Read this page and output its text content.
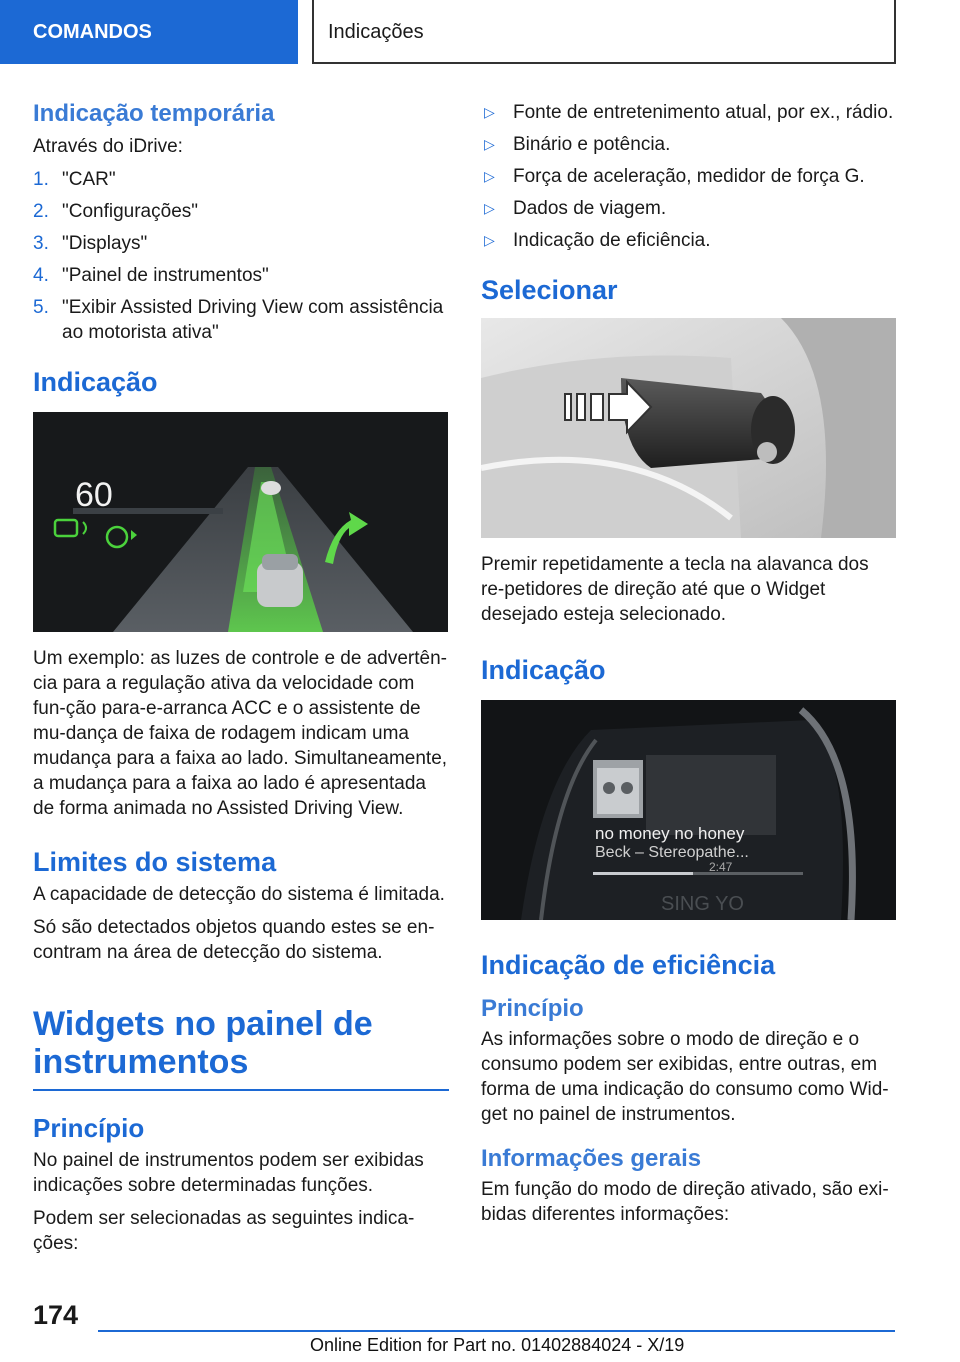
COMANDOS	Indicações
Indicação temporária

Através do iDrive:

1. "CAR"
2. "Configurações"
3. "Displays"
4. "Painel de instrumentos"
5. "Exibir Assisted Driving View com assistência ao motorista ativa"
Indicação
60

Um exemplo: as luzes de controle e de advertên-cia para a regulação ativa da velocidade com fun-ção para-e-arranca ACC e o assistente de mu-dança de faixa de rodagem indicam uma mudança para a faixa ao lado. Simultaneamente, a mudança para a faixa ao lado é apresentada de forma animada no Assisted Driving View.

Limites do sistema

A capacidade de detecção do sistema é limitada.

Só são detectados objetos quando estes se en-contram na área de detecção do sistema.

Widgets no painel de instrumentos
Princípio

No painel de instrumentos podem ser exibidas indicações sobre determinadas funções.

Podem ser selecionadas as seguintes indica-ções:

▷ Fonte de entretenimento atual, por ex., rádio.
▷ Binário e potência.
▷ Força de aceleração, medidor de força G.
▷ Dados de viagem.
▷ Indicação de eficiência.
Selecionar

Premir repetidamente a tecla na alavanca dos re-petidores de direção até que o Widget desejado esteja selecionado.

Indicação
SING YO
no money no honey
Beck – Stereopathe...
2:47
Indicação de eficiência
Princípio

As informações sobre o modo de direção e o consumo podem ser exibidas, entre outras, em forma de uma indicação do consumo como Wid-get no painel de instrumentos.

Informações gerais

Em função do modo de direção ativado, são exi-bidas diferentes informações:

174
Online Edition for Part no. 01402884024 - X/19
